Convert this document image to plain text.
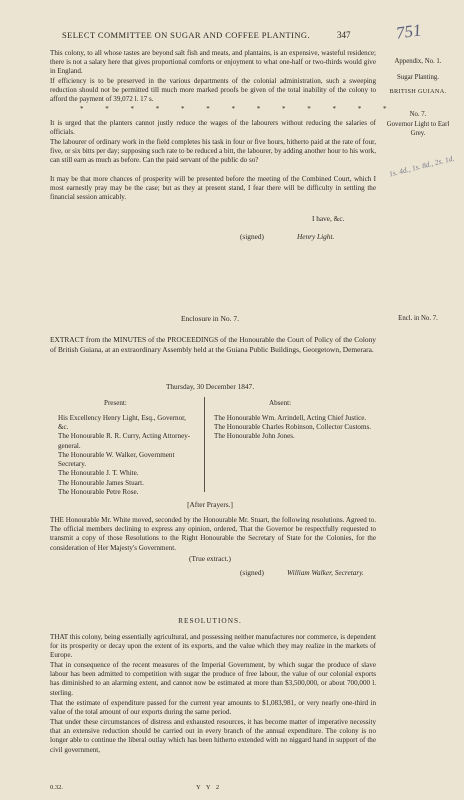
SELECT COMMITTEE ON SUGAR AND COFFEE PLANTING.	347	751
Appendix, No. 1.
Sugar Planting.
BRITISH GUIANA.
No. 7.
Governor Light to Earl Grey.
1s. 4d., 1s. 8d., 2s. 1d.
Encl. in No. 7.
This colony, to all whose tastes are beyond salt fish and meats, and plantains, is an expensive, wasteful residence; there is not a salary here that gives proportional comforts or enjoyment to what one-half or two-thirds would give in England.
If efficiency is to be preserved in the various departments of the colonial administration, such a sweeping reduction should not be permitted till much more marked proofs be given of the total inability of the colony to afford the payment of 39,072 l. 17 s.
* * * * * * * * * * * * *
It is urged that the planters cannot justly reduce the wages of the labourers without reducing the salaries of officials.
The labourer of ordinary work in the field completes his task in four or five hours, hitherto paid at the rate of four, five, or six bitts per day; supposing such rate to be reduced a bitt, the labourer, by adding another hour to his work, can still earn as much as before. Can the paid servant of the public do so?
It may be that more chances of prosperity will be presented before the meeting of the Combined Court, which I most earnestly pray may be the case; but as they at present stand, I fear there will be difficulty in settling the financial session amicably.
I have, &c.
(signed)	Henry Light.
Enclosure in No. 7.
EXTRACT from the MINUTES of the PROCEEDINGS of the Honourable the Court of Policy of the Colony of British Guiana, at an extraordinary Assembly held at the Guiana Public Buildings, Georgetown, Demerara.
Thursday, 30 December 1847.
Present:	Absent:
His Excellency Henry Light, Esq., Governor, &c.
The Honourable R. R. Curry, Acting Attorney-general.
The Honourable W. Walker, Government Secretary.
The Honourable J. T. White.
The Honourable James Stuart.
The Honourable Petre Rose.
The Honourable Wm. Arrindell, Acting Chief Justice.
The Honourable Charles Robinson, Collector Customs.
The Honourable John Jones.
[After Prayers.]
THE Honourable Mr. White moved, seconded by the Honourable Mr. Stuart, the following resolutions. Agreed to. The official members declining to express any opinion, ordered, That the Governor be respectfully requested to transmit a copy of those Resolutions to the Right Honourable the Secretary of State for the Colonies, for the consideration of Her Majesty's Government.
(True extract.)
(signed)	William Walker, Secretary.
RESOLUTIONS.
THAT this colony, being essentially agricultural, and possessing neither manufactures nor commerce, is dependent for its prosperity or decay upon the extent of its exports, and the value which they may realize in the markets of Europe.
That in consequence of the recent measures of the Imperial Government, by which sugar the produce of slave labour has been admitted to competition with sugar the produce of free labour, the value of our colonial exports has diminished to an alarming extent, and cannot now be estimated at more than $3,500,000, or about 700,000 l. sterling.
That the estimate of expenditure passed for the current year amounts to $1,083,981, or very nearly one-third in value of the total amount of our exports during the same period.
That under these circumstances of distress and exhausted resources, it has become matter of imperative necessity that an extensive reduction should be carried out in every branch of the annual expenditure. The colony is no longer able to continue the liberal outlay which has been hitherto extended with no niggard hand in support of the civil government,
0.32.	Y Y 2
